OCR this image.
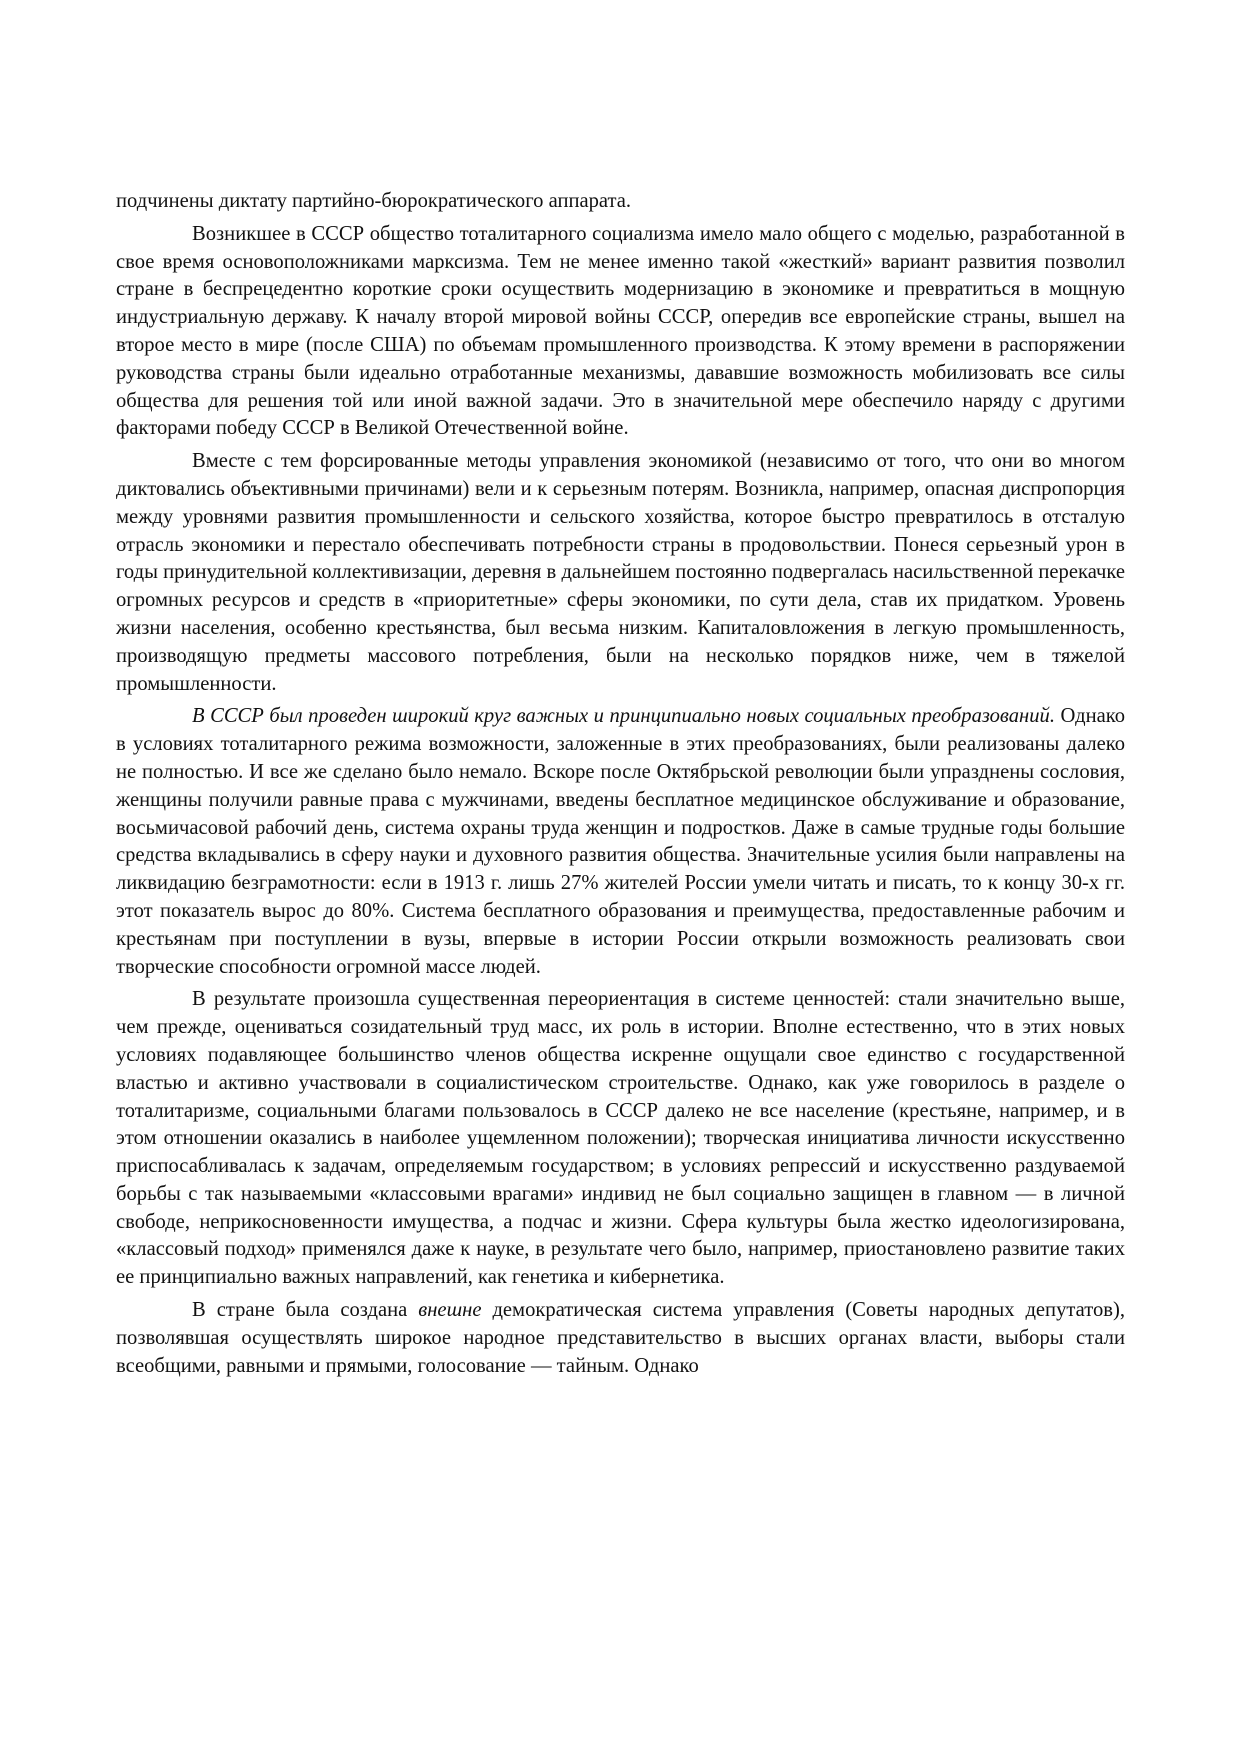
подчинены диктату партийно-бюрократического аппарата.

Возникшее в СССР общество тоталитарного социализма имело мало общего с моделью, разработанной в свое время основоположниками марксизма. Тем не менее именно такой «жесткий» вариант развития позволил стране в беспрецедентно короткие сроки осуществить модернизацию в экономике и превратиться в мощную индустриальную державу. К началу второй мировой войны СССР, опередив все европейские страны, вышел на второе место в мире (после США) по объемам промышленного производства. К этому времени в распоряжении руководства страны были идеально отработанные механизмы, дававшие возможность мобилизовать все силы общества для решения той или иной важной задачи. Это в значительной мере обеспечило наряду с другими факторами победу СССР в Великой Отечественной войне.

Вместе с тем форсированные методы управления экономикой (независимо от того, что они во многом диктовались объективными причинами) вели и к серьезным потерям. Возникла, например, опасная диспропорция между уровнями развития промышленности и сельского хозяйства, которое быстро превратилось в отсталую отрасль экономики и перестало обеспечивать потребности страны в продовольствии. Понеся серьезный урон в годы принудительной коллективизации, деревня в дальнейшем постоянно подвергалась насильственной перекачке огромных ресурсов и средств в «приоритетные» сферы экономики, по сути дела, став их придатком. Уровень жизни населения, особенно крестьянства, был весьма низким. Капиталовложения в легкую промышленность, производящую предметы массового потребления, были на несколько порядков ниже, чем в тяжелой промышленности.

В СССР был проведен широкий круг важных и принципиально новых социальных преобразований. Однако в условиях тоталитарного режима возможности, заложенные в этих преобразованиях, были реализованы далеко не полностью. И все же сделано было немало. Вскоре после Октябрьской революции были упразднены сословия, женщины получили равные права с мужчинами, введены бесплатное медицинское обслуживание и образование, восьмичасовой рабочий день, система охраны труда женщин и подростков. Даже в самые трудные годы большие средства вкладывались в сферу науки и духовного развития общества. Значительные усилия были направлены на ликвидацию безграмотности: если в 1913 г. лишь 27% жителей России умели читать и писать, то к концу 30-х гг. этот показатель вырос до 80%. Система бесплатного образования и преимущества, предоставленные рабочим и крестьянам при поступлении в вузы, впервые в истории России открыли возможность реализовать свои творческие способности огромной массе людей.

В результате произошла существенная переориентация в системе ценностей: стали значительно выше, чем прежде, оцениваться созидательный труд масс, их роль в истории. Вполне естественно, что в этих новых условиях подавляющее большинство членов общества искренне ощущали свое единство с государственной властью и активно участвовали в социалистическом строительстве. Однако, как уже говорилось в разделе о тоталитаризме, социальными благами пользовалось в СССР далеко не все население (крестьяне, например, и в этом отношении оказались в наиболее ущемленном положении); творческая инициатива личности искусственно приспосабливалась к задачам, определяемым государством; в условиях репрессий и искусственно раздуваемой борьбы с так называемыми «классовыми врагами» индивид не был социально защищен в главном — в личной свободе, неприкосновенности имущества, а подчас и жизни. Сфера культуры была жестко идеологизирована, «классовый подход» применялся даже к науке, в результате чего было, например, приостановлено развитие таких ее принципиально важных направлений, как генетика и кибернетика.

В стране была создана внешне демократическая система управления (Советы народных депутатов), позволявшая осуществлять широкое народное представительство в высших органах власти, выборы стали всеобщими, равными и прямыми, голосование — тайным. Однако
